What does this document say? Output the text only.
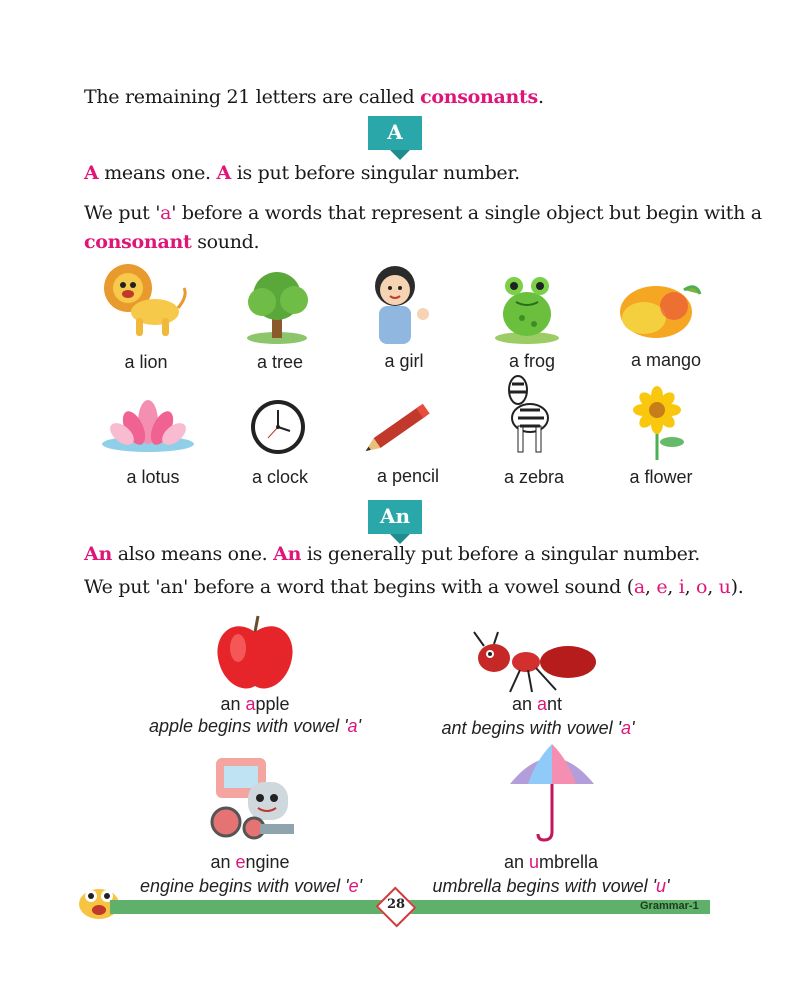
The remaining 21 letters are called consonants.
A
A means one. A is put before singular number.
We put 'a' before a words that represent a single object but begin with a
consonant sound.
a lion	a tree	a girl	a frog	a mango
a lotus	a clock	a pencil	a zebra	a flower
An
An also means one. An is generally put before a singular number.
We put 'an' before a word that begins with a vowel sound (a, e, i, o, u).
an apple
apple begins with vowel 'a'
an ant
ant begins with vowel 'a'
an engine
engine begins with vowel 'e'
an umbrella
umbrella begins with vowel 'u'
28	Grammar-1
